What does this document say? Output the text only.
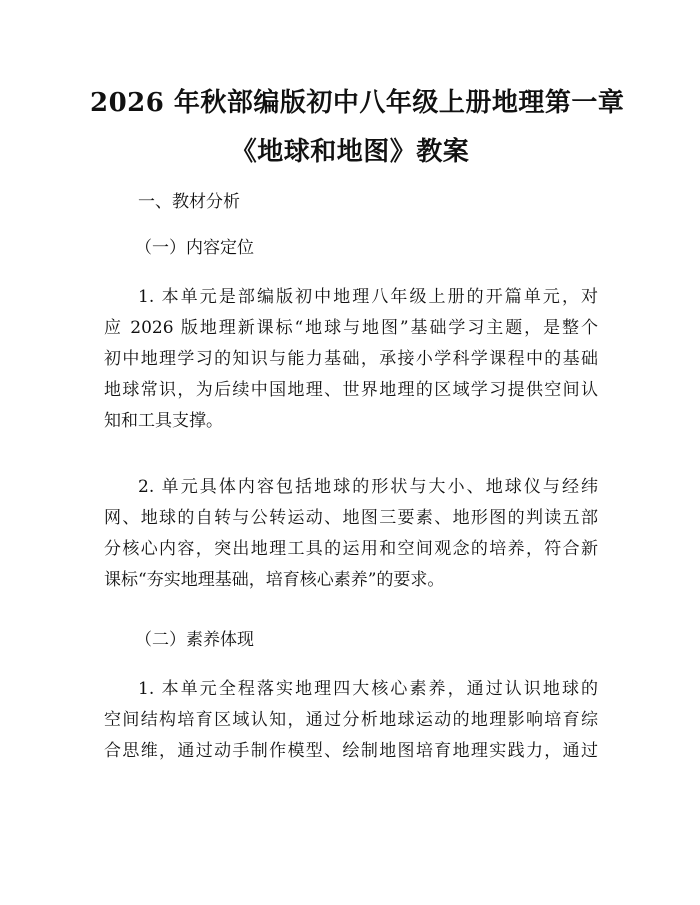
2026 年秋部编版初中八年级上册地理第一章
《地球和地图》教案
一、教材分析
（一）内容定位
1. 本单元是部编版初中地理八年级上册的开篇单元，对
应 2026 版地理新课标“地球与地图”基础学习主题，是整个
初中地理学习的知识与能力基础，承接小学科学课程中的基础
地球常识，为后续中国地理、世界地理的区域学习提供空间认
知和工具支撑。
2. 单元具体内容包括地球的形状与大小、地球仪与经纬
网、地球的自转与公转运动、地图三要素、地形图的判读五部
分核心内容，突出地理工具的运用和空间观念的培养，符合新
课标“夯实地理基础，培育核心素养”的要求。
（二）素养体现
1. 本单元全程落实地理四大核心素养，通过认识地球的
空间结构培育区域认知，通过分析地球运动的地理影响培育综
合思维，通过动手制作模型、绘制地图培育地理实践力，通过
